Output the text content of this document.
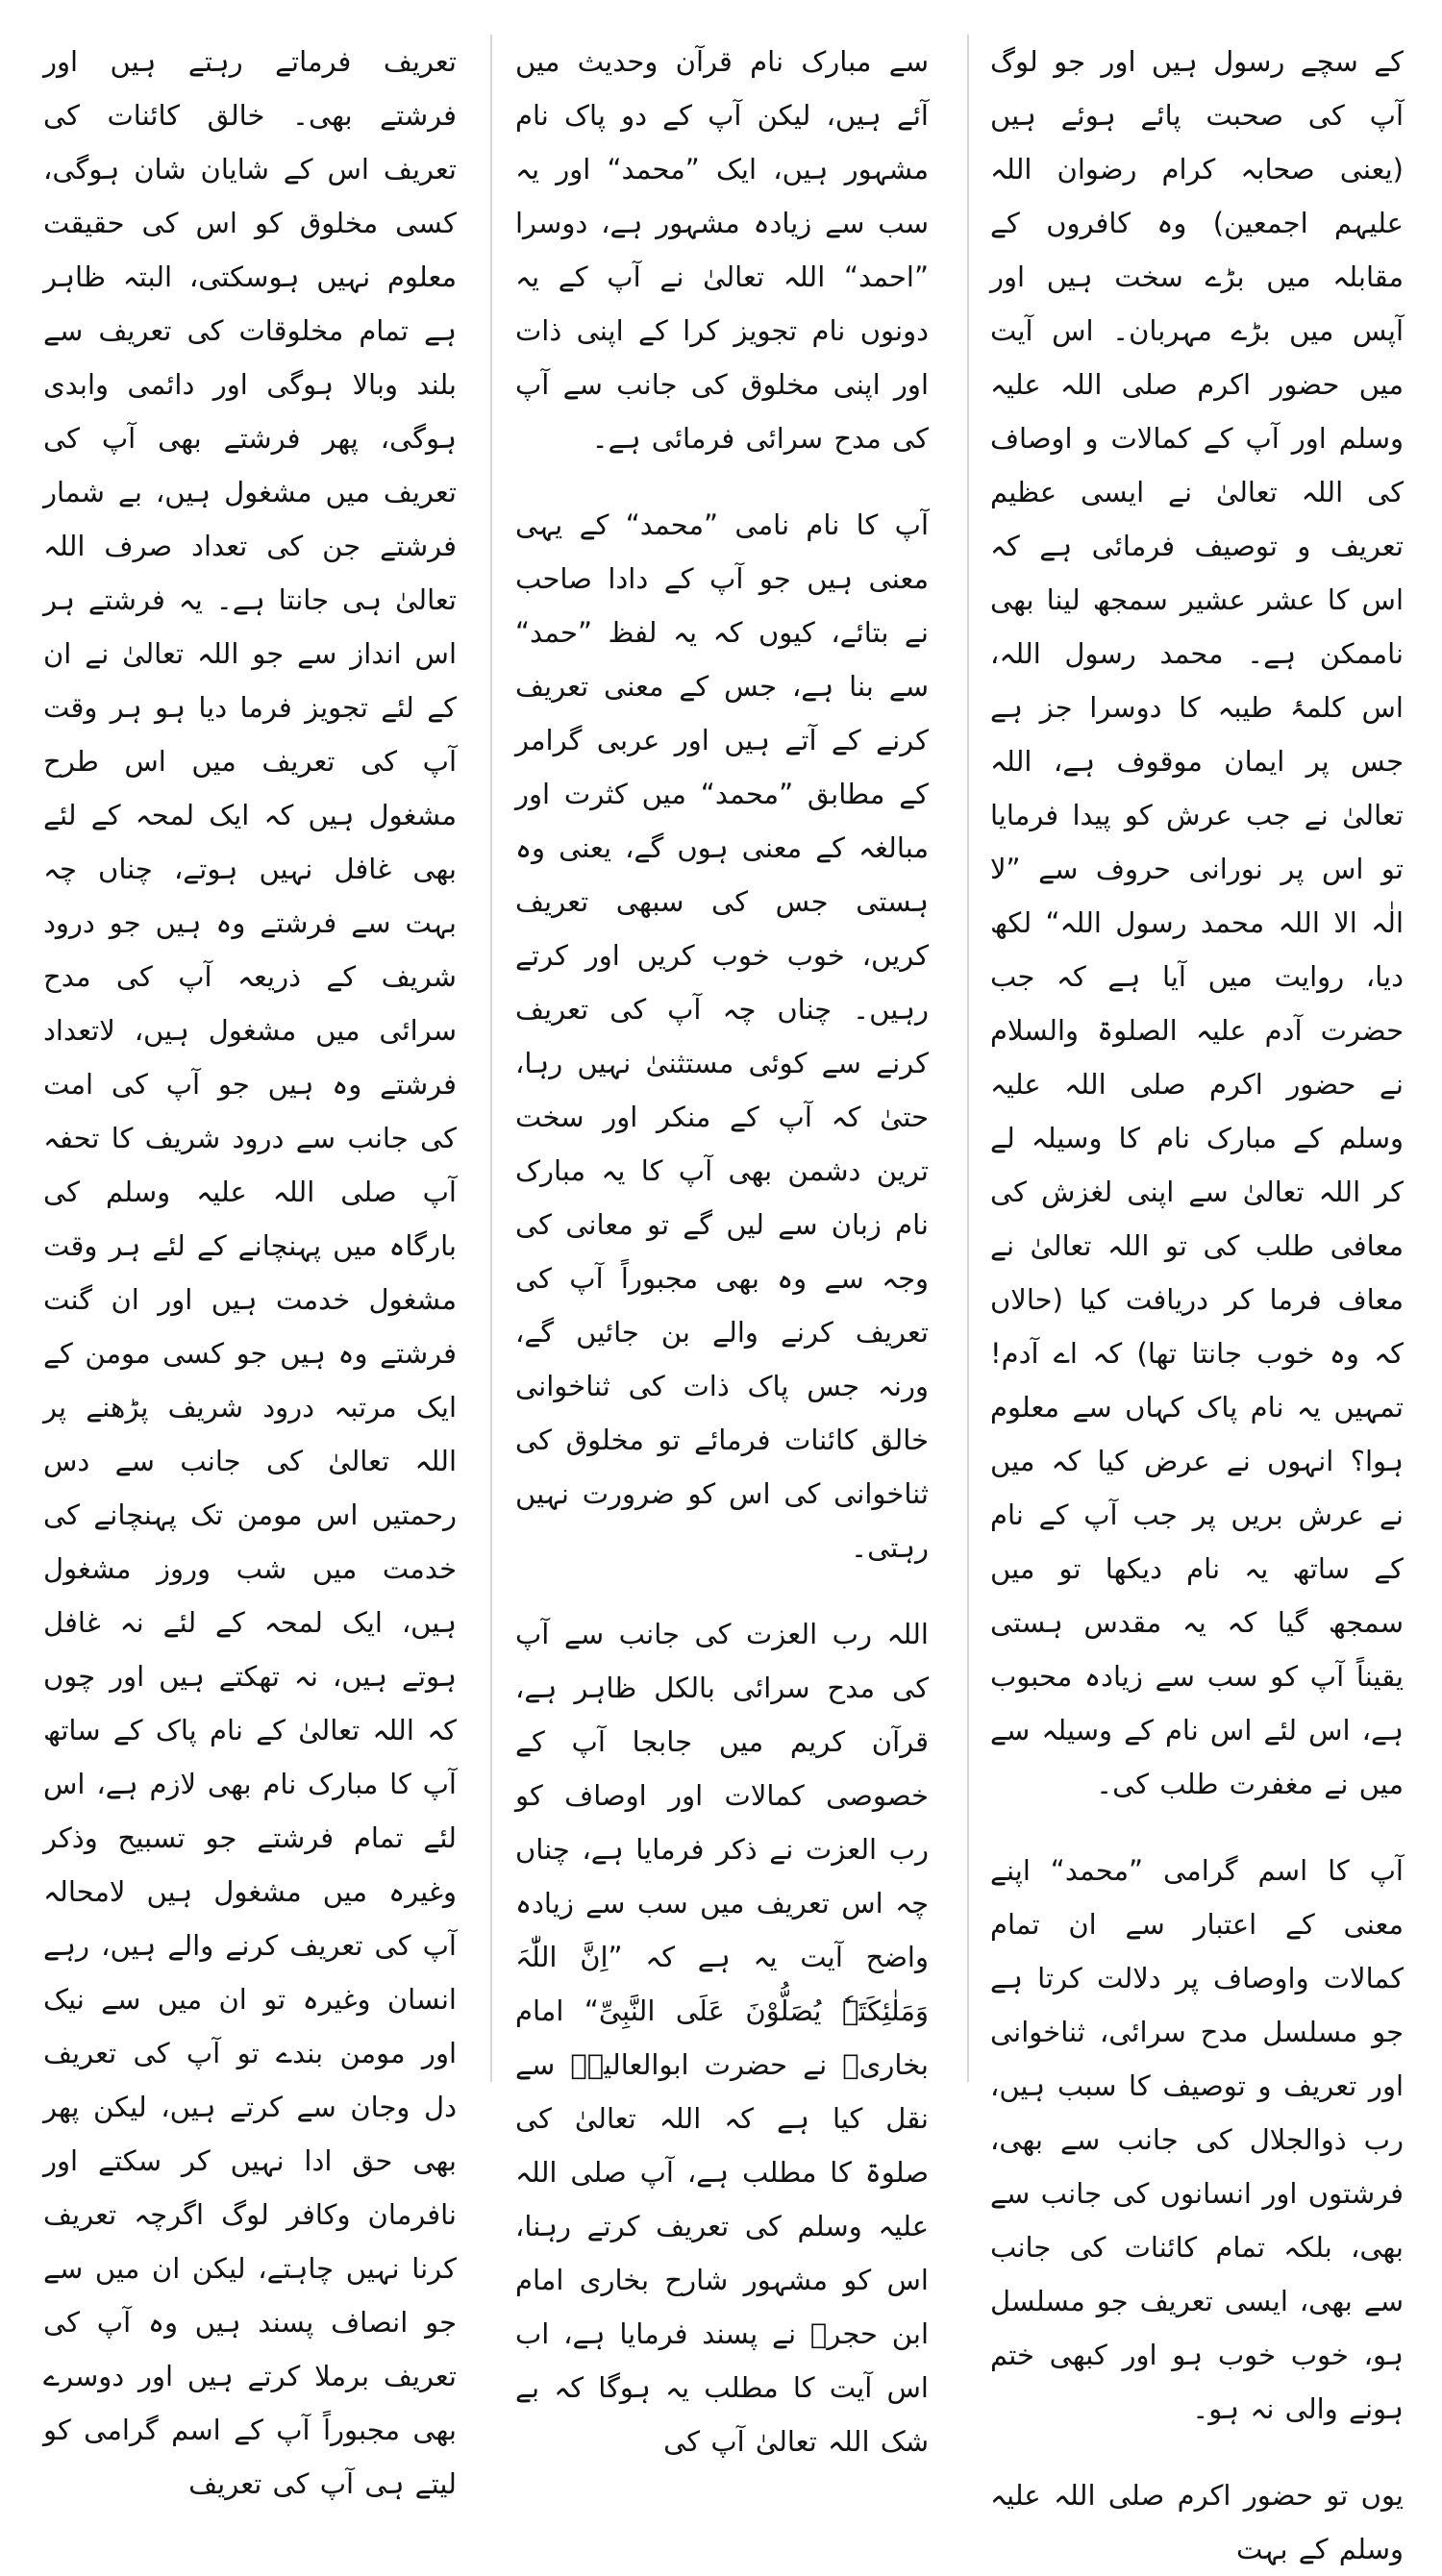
کے سچے رسول ہیں اور جو لوگ آپ کی صحبت پائے ہوئے ہیں (یعنی صحابہ کرام رضوان اللہ علیہم اجمعین) وہ کافروں کے مقابلہ میں بڑے سخت ہیں اور آپس میں بڑے مہربان۔ اس آیت میں حضور اکرم صلی اللہ علیہ وسلم اور آپ کے کمالات و اوصاف کی اللہ تعالیٰ نے ایسی عظیم تعریف و توصیف فرمائی ہے کہ اس کا عشر عشیر سمجھ لینا بھی ناممکن ہے۔ محمد رسول اللہ، اس کلمۂ طیبہ کا دوسرا جز ہے جس پر ایمان موقوف ہے، اللہ تعالیٰ نے جب عرش کو پیدا فرمایا تو اس پر نورانی حروف سے ”لا الٰہ الا اللہ محمد رسول اللہ“ لکھ دیا، روایت میں آیا ہے کہ جب حضرت آدم علیہ الصلوۃ والسلام نے حضور اکرم صلی اللہ علیہ وسلم کے مبارک نام کا وسیلہ لے کر اللہ تعالیٰ سے اپنی لغزش کی معافی طلب کی تو اللہ تعالیٰ نے معاف فرما کر دریافت کیا (حالاں کہ وہ خوب جانتا تھا) کہ اے آدم! تمہیں یہ نام پاک کہاں سے معلوم ہوا؟ انہوں نے عرض کیا کہ میں نے عرش بریں پر جب آپ کے نام کے ساتھ یہ نام دیکھا تو میں سمجھ گیا کہ یہ مقدس ہستی یقیناً آپ کو سب سے زیادہ محبوب ہے، اس لئے اس نام کے وسیلہ سے میں نے مغفرت طلب کی۔

آپ کا اسم گرامی ”محمد“ اپنے معنی کے اعتبار سے ان تمام کمالات واوصاف پر دلالت کرتا ہے جو مسلسل مدح سرائی، ثناخوانی اور تعریف و توصیف کا سبب ہیں، رب ذوالجلال کی جانب سے بھی، فرشتوں اور انسانوں کی جانب سے بھی، بلکہ تمام کائنات کی جانب سے بھی، ایسی تعریف جو مسلسل ہو، خوب خوب ہو اور کبھی ختم ہونے والی نہ ہو۔

یوں تو حضور اکرم صلی اللہ علیہ وسلم کے بہت

سے مبارک نام قرآن وحدیث میں آئے ہیں، لیکن آپ کے دو پاک نام مشہور ہیں، ایک ”محمد“ اور یہ سب سے زیادہ مشہور ہے، دوسرا ”احمد“ اللہ تعالیٰ نے آپ کے یہ دونوں نام تجویز کرا کے اپنی ذات اور اپنی مخلوق کی جانب سے آپ کی مدح سرائی فرمائی ہے۔

آپ کا نام نامی ”محمد“ کے یہی معنی ہیں جو آپ کے دادا صاحب نے بتائے، کیوں کہ یہ لفظ ”حمد“ سے بنا ہے، جس کے معنی تعریف کرنے کے آتے ہیں اور عربی گرامر کے مطابق ”محمد“ میں کثرت اور مبالغہ کے معنی ہوں گے، یعنی وہ ہستی جس کی سبھی تعریف کریں، خوب خوب کریں اور کرتے رہیں۔ چناں چہ آپ کی تعریف کرنے سے کوئی مستثنیٰ نہیں رہا، حتیٰ کہ آپ کے منکر اور سخت ترین دشمن بھی آپ کا یہ مبارک نام زبان سے لیں گے تو معانی کی وجہ سے وہ بھی مجبوراً آپ کی تعریف کرنے والے بن جائیں گے، ورنہ جس پاک ذات کی ثناخوانی خالق کائنات فرمائے تو مخلوق کی ثناخوانی کی اس کو ضرورت نہیں رہتی۔

اللہ رب العزت کی جانب سے آپ کی مدح سرائی بالکل ظاہر ہے، قرآن کریم میں جابجا آپ کے خصوصی کمالات اور اوصاف کو رب العزت نے ذکر فرمایا ہے، چناں چہ اس تعریف میں سب سے زیادہ واضح آیت یہ ہے کہ ”اِنَّ اللّٰہَ وَمَلٰئِکَتَہٗ یُصَلُّوْنَ عَلَی النَّبِیِّ“ امام بخاریؒ نے حضرت ابوالعالیہؒ سے نقل کیا ہے کہ اللہ تعالیٰ کی صلوۃ کا مطلب ہے، آپ صلی اللہ علیہ وسلم کی تعریف کرتے رہنا، اس کو مشہور شارح بخاری امام ابن حجرؒ نے پسند فرمایا ہے، اب اس آیت کا مطلب یہ ہوگا کہ بے شک اللہ تعالیٰ آپ کی

تعریف فرماتے رہتے ہیں اور فرشتے بھی۔ خالق کائنات کی تعریف اس کے شایان شان ہوگی، کسی مخلوق کو اس کی حقیقت معلوم نہیں ہوسکتی، البتہ ظاہر ہے تمام مخلوقات کی تعریف سے بلند وبالا ہوگی اور دائمی وابدی ہوگی، پھر فرشتے بھی آپ کی تعریف میں مشغول ہیں، بے شمار فرشتے جن کی تعداد صرف اللہ تعالیٰ ہی جانتا ہے۔ یہ فرشتے ہر اس انداز سے جو اللہ تعالیٰ نے ان کے لئے تجویز فرما دیا ہو ہر وقت آپ کی تعریف میں اس طرح مشغول ہیں کہ ایک لمحہ کے لئے بھی غافل نہیں ہوتے، چناں چہ بہت سے فرشتے وہ ہیں جو درود شریف کے ذریعہ آپ کی مدح سرائی میں مشغول ہیں، لاتعداد فرشتے وہ ہیں جو آپ کی امت کی جانب سے درود شریف کا تحفہ آپ صلی اللہ علیہ وسلم کی بارگاہ میں پہنچانے کے لئے ہر وقت مشغول خدمت ہیں اور ان گنت فرشتے وہ ہیں جو کسی مومن کے ایک مرتبہ درود شریف پڑھنے پر اللہ تعالیٰ کی جانب سے دس رحمتیں اس مومن تک پہنچانے کی خدمت میں شب وروز مشغول ہیں، ایک لمحہ کے لئے نہ غافل ہوتے ہیں، نہ تھکتے ہیں اور چوں کہ اللہ تعالیٰ کے نام پاک کے ساتھ آپ کا مبارک نام بھی لازم ہے، اس لئے تمام فرشتے جو تسبیح وذکر وغیرہ میں مشغول ہیں لامحالہ آپ کی تعریف کرنے والے ہیں، رہے انسان وغیرہ تو ان میں سے نیک اور مومن بندے تو آپ کی تعریف دل وجان سے کرتے ہیں، لیکن پھر بھی حق ادا نہیں کر سکتے اور نافرمان وکافر لوگ اگرچہ تعریف کرنا نہیں چاہتے، لیکن ان میں سے جو انصاف پسند ہیں وہ آپ کی تعریف برملا کرتے ہیں اور دوسرے بھی مجبوراً آپ کے اسم گرامی کو لیتے ہی آپ کی تعریف
